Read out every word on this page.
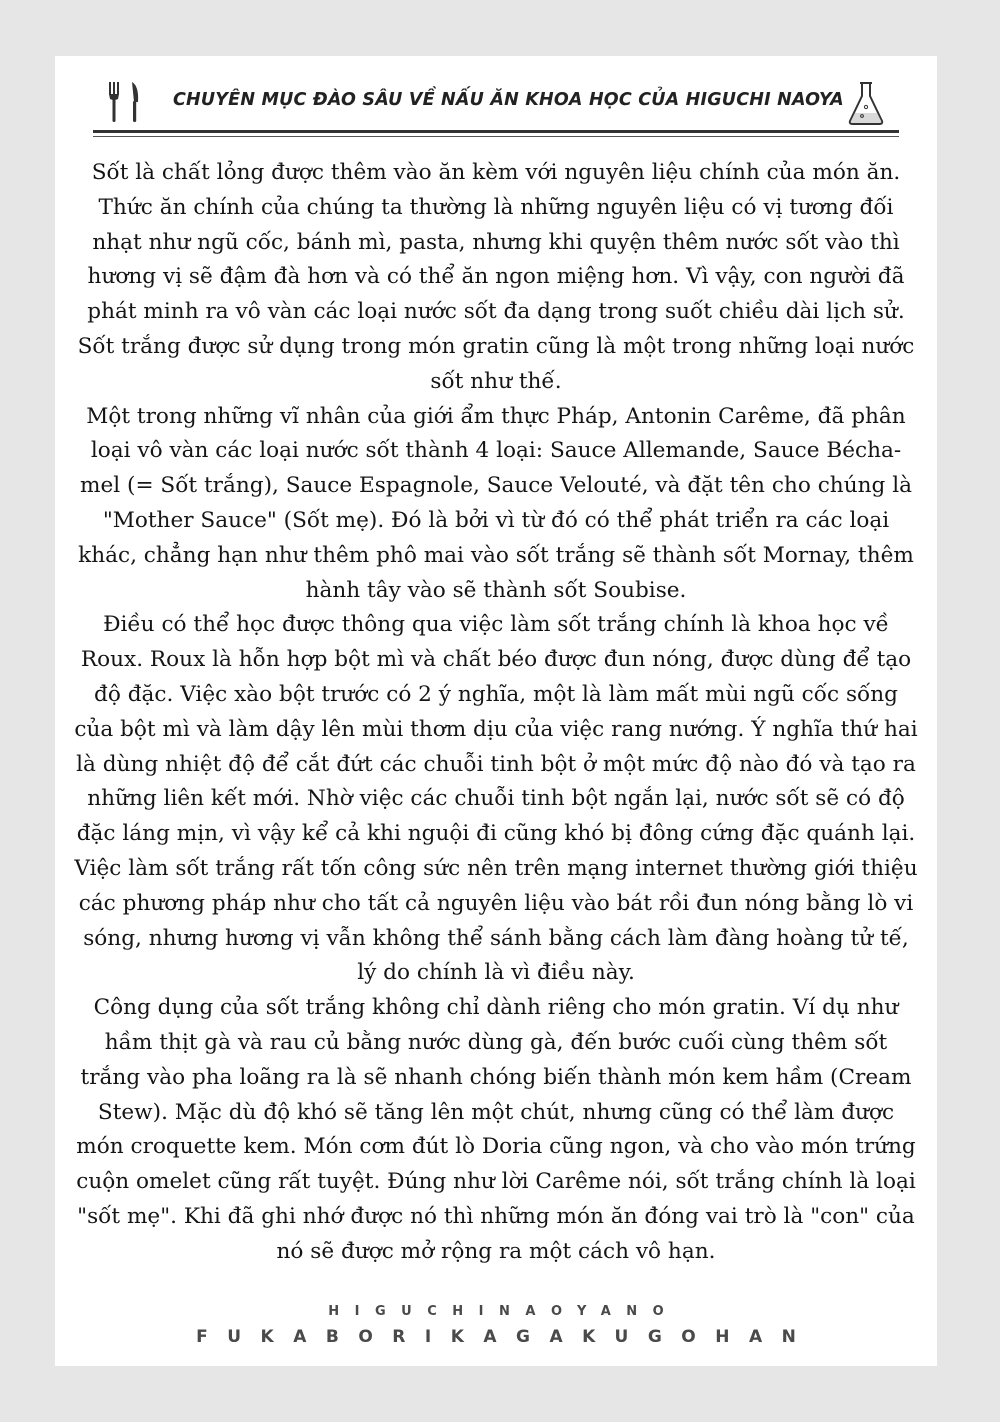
CHUYÊN MỤC ĐÀO SÂU VỀ NẤU ĂN KHOA HỌC CỦA HIGUCHI NAOYA

Sốt là chất lỏng được thêm vào ăn kèm với nguyên liệu chính của món ăn. Thức ăn chính của chúng ta thường là những nguyên liệu có vị tương đối nhạt như ngũ cốc, bánh mì, pasta, nhưng khi quyện thêm nước sốt vào thì hương vị sẽ đậm đà hơn và có thể ăn ngon miệng hơn. Vì vậy, con người đã phát minh ra vô vàn các loại nước sốt đa dạng trong suốt chiều dài lịch sử. Sốt trắng được sử dụng trong món gratin cũng là một trong những loại nước sốt như thế.

Một trong những vĩ nhân của giới ẩm thực Pháp, Antonin Carême, đã phân loại vô vàn các loại nước sốt thành 4 loại: Sauce Allemande, Sauce Bécha-mel (= Sốt trắng), Sauce Espagnole, Sauce Velouté, và đặt tên cho chúng là "Mother Sauce" (Sốt mẹ). Đó là bởi vì từ đó có thể phát triển ra các loại khác, chẳng hạn như thêm phô mai vào sốt trắng sẽ thành sốt Mornay, thêm hành tây vào sẽ thành sốt Soubise.

Điều có thể học được thông qua việc làm sốt trắng chính là khoa học về Roux. Roux là hỗn hợp bột mì và chất béo được đun nóng, được dùng để tạo độ đặc. Việc xào bột trước có 2 ý nghĩa, một là làm mất mùi ngũ cốc sống của bột mì và làm dậy lên mùi thơm dịu của việc rang nướng. Ý nghĩa thứ hai là dùng nhiệt độ để cắt đứt các chuỗi tinh bột ở một mức độ nào đó và tạo ra những liên kết mới. Nhờ việc các chuỗi tinh bột ngắn lại, nước sốt sẽ có độ đặc láng mịn, vì vậy kể cả khi nguội đi cũng khó bị đông cứng đặc quánh lại. Việc làm sốt trắng rất tốn công sức nên trên mạng internet thường giới thiệu các phương pháp như cho tất cả nguyên liệu vào bát rồi đun nóng bằng lò vi sóng, nhưng hương vị vẫn không thể sánh bằng cách làm đàng hoàng tử tế, lý do chính là vì điều này.

Công dụng của sốt trắng không chỉ dành riêng cho món gratin. Ví dụ như hầm thịt gà và rau củ bằng nước dùng gà, đến bước cuối cùng thêm sốt trắng vào pha loãng ra là sẽ nhanh chóng biến thành món kem hầm (Cream Stew). Mặc dù độ khó sẽ tăng lên một chút, nhưng cũng có thể làm được món croquette kem. Món cơm đút lò Doria cũng ngon, và cho vào món trứng cuộn omelet cũng rất tuyệt. Đúng như lời Carême nói, sốt trắng chính là loại "sốt mẹ". Khi đã ghi nhớ được nó thì những món ăn đóng vai trò là "con" của nó sẽ được mở rộng ra một cách vô hạn.

HIGUCHINAOYANO
FUKABORIKAGAKUGOHAN
